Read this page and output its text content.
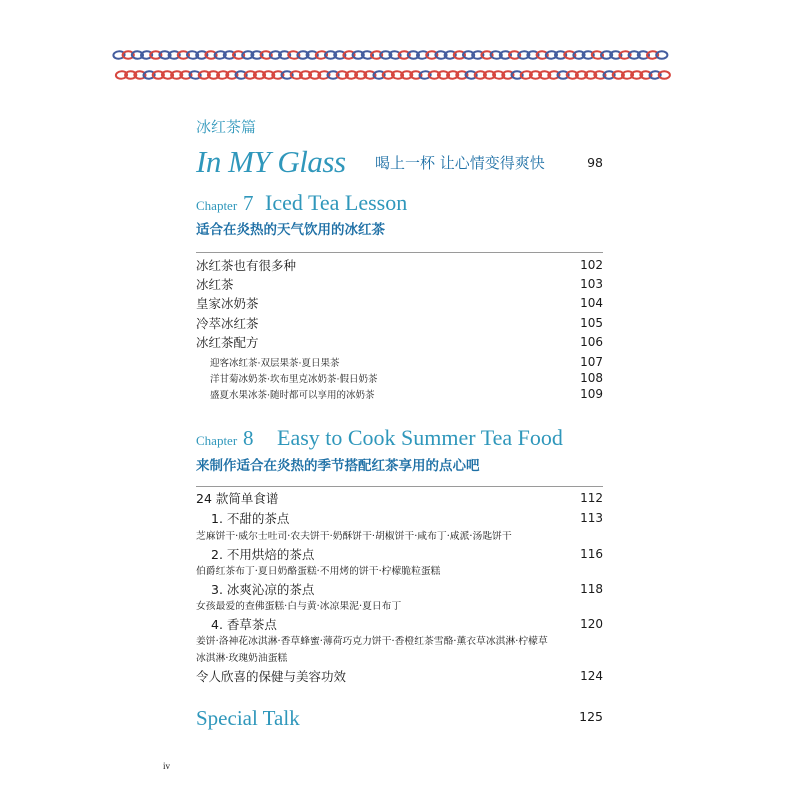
冰红茶篇
In MY Glass 喝上一杯 让心情变得爽快	98
Chapter 7 Iced Tea Lesson
适合在炎热的天气饮用的冰红茶
冰红茶也有很多种	102
冰红茶	103
皇家冰奶茶	104
冷萃冰红茶	105
冰红茶配方	106
迎客冰红茶·双层果茶·夏日果茶	107
洋甘菊冰奶茶·坎布里克冰奶茶·假日奶茶	108
盛夏水果冰茶·随时都可以享用的冰奶茶	109
Chapter 8	Easy to Cook Summer Tea Food
来制作适合在炎热的季节搭配红茶享用的点心吧
24 款简单食谱	112
1. 不甜的茶点	113
芝麻饼干·威尔士吐司·农夫饼干·奶酥饼干·胡椒饼干·咸布丁·咸派·汤匙饼干
2. 不用烘焙的茶点	116
伯爵红茶布丁·夏日奶酪蛋糕·不用烤的饼干·柠檬脆粒蛋糕
3. 冰爽沁凉的茶点	118
女孩最爱的查佛蛋糕·白与黄·冰凉果泥·夏日布丁
4. 香草茶点	120
姜饼·洛神花冰淇淋·香草蜂蜜·薄荷巧克力饼干·香橙红茶雪酪·薰衣草冰淇淋·柠檬草
冰淇淋·玫瑰奶油蛋糕
令人欣喜的保健与美容功效	124
Special Talk	125
iv
